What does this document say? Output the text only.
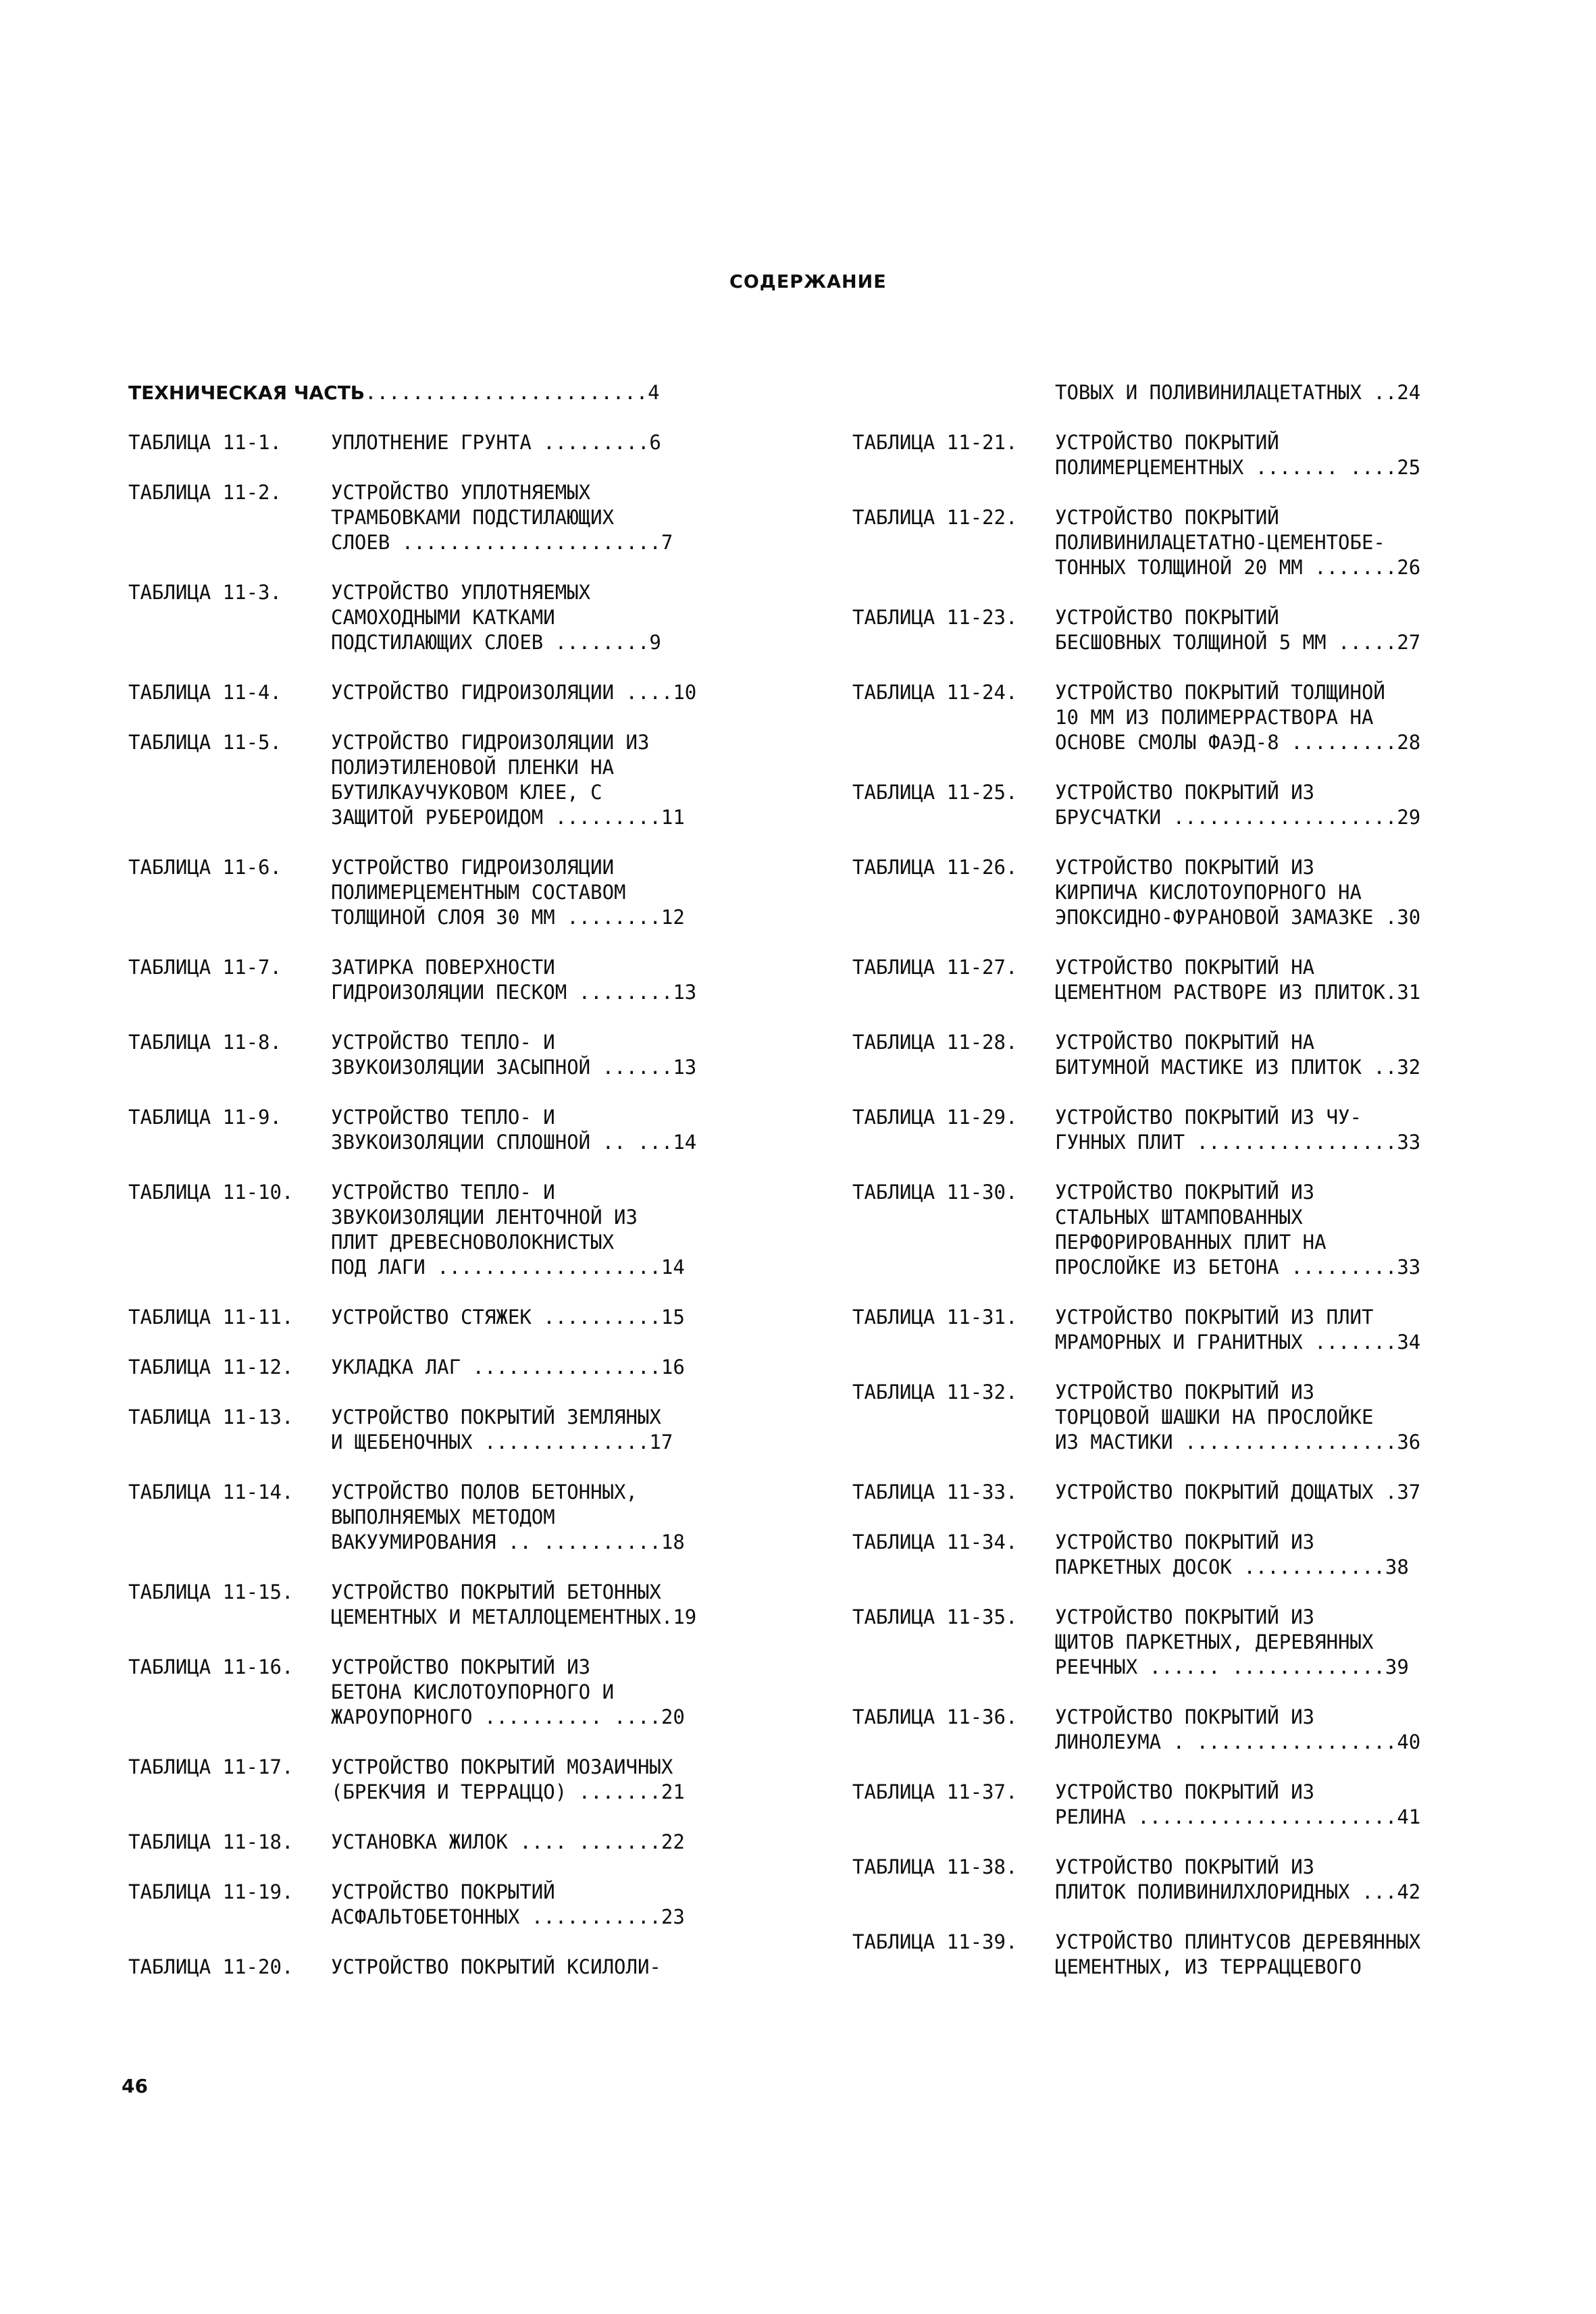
СОДЕРЖАНИЕ
ТЕХНИЧЕСКАЯ ЧАСТЬ ........................ 4
ТАБЛИЦА 11-1.	УПЛОТНЕНИЕ ГРУНТА .........6
ТАБЛИЦА 11-2.	УСТРОЙСТВО УПЛОТНЯЕМЫХ
ТРАМБОВКАМИ ПОДСТИЛАЮЩИХ
СЛОЕВ ......................7
ТАБЛИЦА 11-3.	УСТРОЙСТВО УПЛОТНЯЕМЫХ
САМОХОДНЫМИ КАТКАМИ
ПОДСТИЛАЮЩИХ СЛОЕВ ........9
ТАБЛИЦА 11-4.	УСТРОЙСТВО ГИДРОИЗОЛЯЦИИ ....10
ТАБЛИЦА 11-5.	УСТРОЙСТВО ГИДРОИЗОЛЯЦИИ ИЗ
ПОЛИЭТИЛЕНОВОЙ ПЛЕНКИ НА
БУТИЛКАУЧУКОВОМ КЛЕЕ, С
ЗАЩИТОЙ РУБЕРОИДОМ .........11
ТАБЛИЦА 11-6.	УСТРОЙСТВО ГИДРОИЗОЛЯЦИИ
ПОЛИМЕРЦЕМЕНТНЫМ СОСТАВОМ
ТОЛЩИНОЙ СЛОЯ 30 ММ ........12
ТАБЛИЦА 11-7.	ЗАТИРКА ПОВЕРХНОСТИ
ГИДРОИЗОЛЯЦИИ ПЕСКОМ ........13
ТАБЛИЦА 11-8.	УСТРОЙСТВО ТЕПЛО- И
ЗВУКОИЗОЛЯЦИИ ЗАСЫПНОЙ ......13
ТАБЛИЦА 11-9.	УСТРОЙСТВО ТЕПЛО- И
ЗВУКОИЗОЛЯЦИИ СПЛОШНОЙ .. ...14
ТАБЛИЦА 11-10.	УСТРОЙСТВО ТЕПЛО- И
ЗВУКОИЗОЛЯЦИИ ЛЕНТОЧНОЙ ИЗ
ПЛИТ ДРЕВЕСНОВОЛОКНИСТЫХ
ПОД ЛАГИ ...................14
ТАБЛИЦА 11-11.	УСТРОЙСТВО СТЯЖЕК ..........15
ТАБЛИЦА 11-12.	УКЛАДКА ЛАГ ................16
ТАБЛИЦА 11-13.	УСТРОЙСТВО ПОКРЫТИЙ ЗЕМЛЯНЫХ
И ЩЕБЕНОЧНЫХ ..............17
ТАБЛИЦА 11-14.	УСТРОЙСТВО ПОЛОВ БЕТОННЫХ,
ВЫПОЛНЯЕМЫХ МЕТОДОМ
ВАКУУМИРОВАНИЯ .. ..........18
ТАБЛИЦА 11-15.	УСТРОЙСТВО ПОКРЫТИЙ БЕТОННЫХ
ЦЕМЕНТНЫХ И МЕТАЛЛОЦЕМЕНТНЫХ.19
ТАБЛИЦА 11-16.	УСТРОЙСТВО ПОКРЫТИЙ ИЗ
БЕТОНА КИСЛОТОУПОРНОГО И
ЖАРОУПОРНОГО .......... ....20
ТАБЛИЦА 11-17.	УСТРОЙСТВО ПОКРЫТИЙ МОЗАИЧНЫХ
(БРЕКЧИЯ И ТЕРРАЦЦО) .......21
ТАБЛИЦА 11-18.	УСТАНОВКА ЖИЛОК .... .......22
ТАБЛИЦА 11-19.	УСТРОЙСТВО ПОКРЫТИЙ
АСФАЛЬТОБЕТОННЫХ ...........23
ТАБЛИЦА 11-20.	УСТРОЙСТВО ПОКРЫТИЙ КСИЛОЛИ-
ТОВЫХ И ПОЛИВИНИЛАЦЕТАТНЫХ ..24
ТАБЛИЦА 11-21.	УСТРОЙСТВО ПОКРЫТИЙ
ПОЛИМЕРЦЕМЕНТНЫХ ....... ....25
ТАБЛИЦА 11-22.	УСТРОЙСТВО ПОКРЫТИЙ
ПОЛИВИНИЛАЦЕТАТНО-ЦЕМЕНТОБЕ-
ТОННЫХ ТОЛЩИНОЙ 20 ММ .......26
ТАБЛИЦА 11-23.	УСТРОЙСТВО ПОКРЫТИЙ
БЕСШОВНЫХ ТОЛЩИНОЙ 5 ММ .....27
ТАБЛИЦА 11-24.	УСТРОЙСТВО ПОКРЫТИЙ ТОЛЩИНОЙ
10 ММ ИЗ ПОЛИМЕРРАСТВОРА НА
ОСНОВЕ СМОЛЫ ФАЭД-8 .........28
ТАБЛИЦА 11-25.	УСТРОЙСТВО ПОКРЫТИЙ ИЗ
БРУСЧАТКИ ...................29
ТАБЛИЦА 11-26.	УСТРОЙСТВО ПОКРЫТИЙ ИЗ
КИРПИЧА КИСЛОТОУПОРНОГО НА
ЭПОКСИДНО-ФУРАНОВОЙ ЗАМАЗКЕ .30
ТАБЛИЦА 11-27.	УСТРОЙСТВО ПОКРЫТИЙ НА
ЦЕМЕНТНОМ РАСТВОРЕ ИЗ ПЛИТОК.31
ТАБЛИЦА 11-28.	УСТРОЙСТВО ПОКРЫТИЙ НА
БИТУМНОЙ МАСТИКЕ ИЗ ПЛИТОК ..32
ТАБЛИЦА 11-29.	УСТРОЙСТВО ПОКРЫТИЙ ИЗ ЧУ-
ГУННЫХ ПЛИТ .................33
ТАБЛИЦА 11-30.	УСТРОЙСТВО ПОКРЫТИЙ ИЗ
СТАЛЬНЫХ ШТАМПОВАННЫХ
ПЕРФОРИРОВАННЫХ ПЛИТ НА
ПРОСЛОЙКЕ ИЗ БЕТОНА .........33
ТАБЛИЦА 11-31.	УСТРОЙСТВО ПОКРЫТИЙ ИЗ ПЛИТ
МРАМОРНЫХ И ГРАНИТНЫХ .......34
ТАБЛИЦА 11-32.	УСТРОЙСТВО ПОКРЫТИЙ ИЗ
ТОРЦОВОЙ ШАШКИ НА ПРОСЛОЙКЕ
ИЗ МАСТИКИ ..................36
ТАБЛИЦА 11-33.	УСТРОЙСТВО ПОКРЫТИЙ ДОЩАТЫХ .37
ТАБЛИЦА 11-34.	УСТРОЙСТВО ПОКРЫТИЙ ИЗ
ПАРКЕТНЫХ ДОСОК ............38
ТАБЛИЦА 11-35.	УСТРОЙСТВО ПОКРЫТИЙ ИЗ
ЩИТОВ ПАРКЕТНЫХ, ДЕРЕВЯННЫХ
РЕЕЧНЫХ ...... .............39
ТАБЛИЦА 11-36.	УСТРОЙСТВО ПОКРЫТИЙ ИЗ
ЛИНОЛЕУМА . .................40
ТАБЛИЦА 11-37.	УСТРОЙСТВО ПОКРЫТИЙ ИЗ
РЕЛИНА ......................41
ТАБЛИЦА 11-38.	УСТРОЙСТВО ПОКРЫТИЙ ИЗ
ПЛИТОК ПОЛИВИНИЛХЛОРИДНЫХ ...42
ТАБЛИЦА 11-39.	УСТРОЙСТВО ПЛИНТУСОВ ДЕРЕВЯННЫХ
ЦЕМЕНТНЫХ, ИЗ ТЕРРАЦЦЕВОГО
46
